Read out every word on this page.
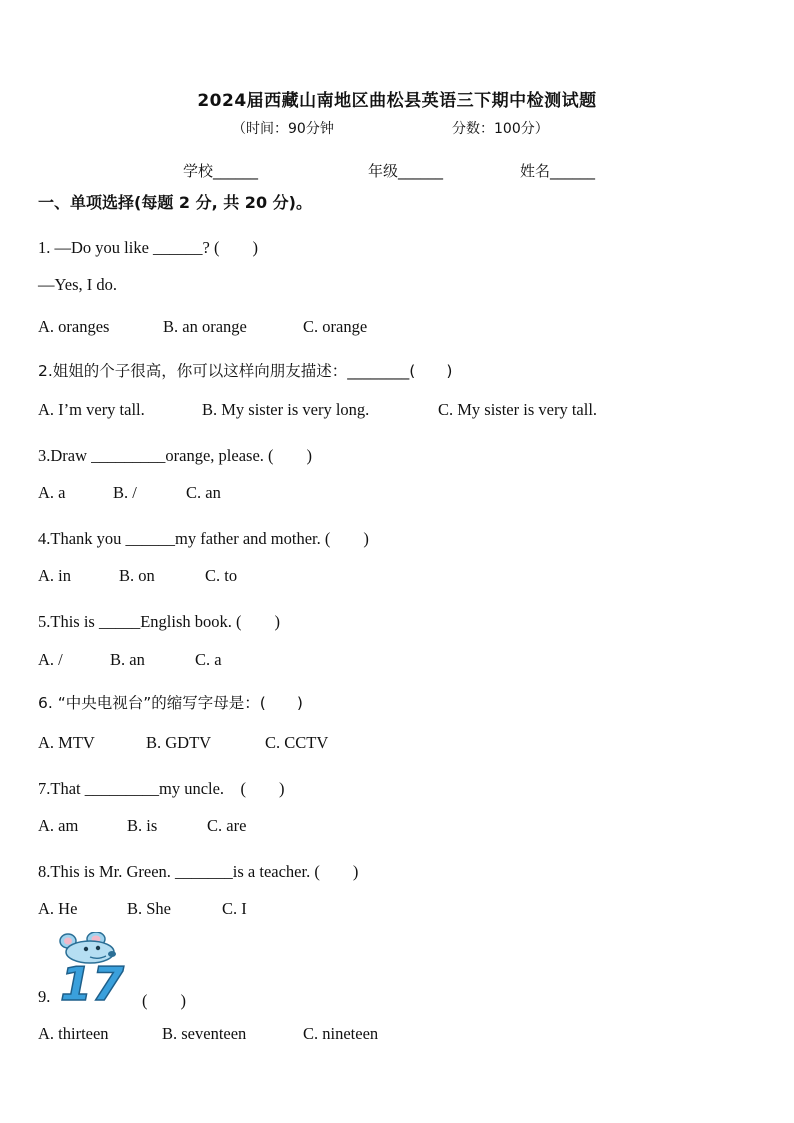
2024届西藏山南地区曲松县英语三下期中检测试题
（时间：90分钟	分数：100分）
学校______	年级______	姓名______
一、单项选择(每题 2 分, 共 20 分)。
1. —Do you like ______? (　　)
—Yes, I do.
A. oranges	B. an orange	C. orange
2.姐姐的个子很高，你可以这样向朋友描述：________(　　)
A. I’m very tall.	B. My sister is very long.	C. My sister is very tall.
3.Draw _________orange, please. (　　)
A. a	B. /	C. an
4.Thank you ______my father and mother. (　　)
A. in	B. on	C. to
5.This is _____English book. (　　)
A. /	B. an	C. a
6. “中央电视台”的缩写字母是：(　　)
A. MTV	B. GDTV	C. CCTV
7.That _________my uncle.　(　　)
A. am	B. is	C. are
8.This is Mr. Green. _______is a teacher. (　　)
A. He	B. She	C. I
9. 17 (　　)
A. thirteen	B. seventeen	C. nineteen
